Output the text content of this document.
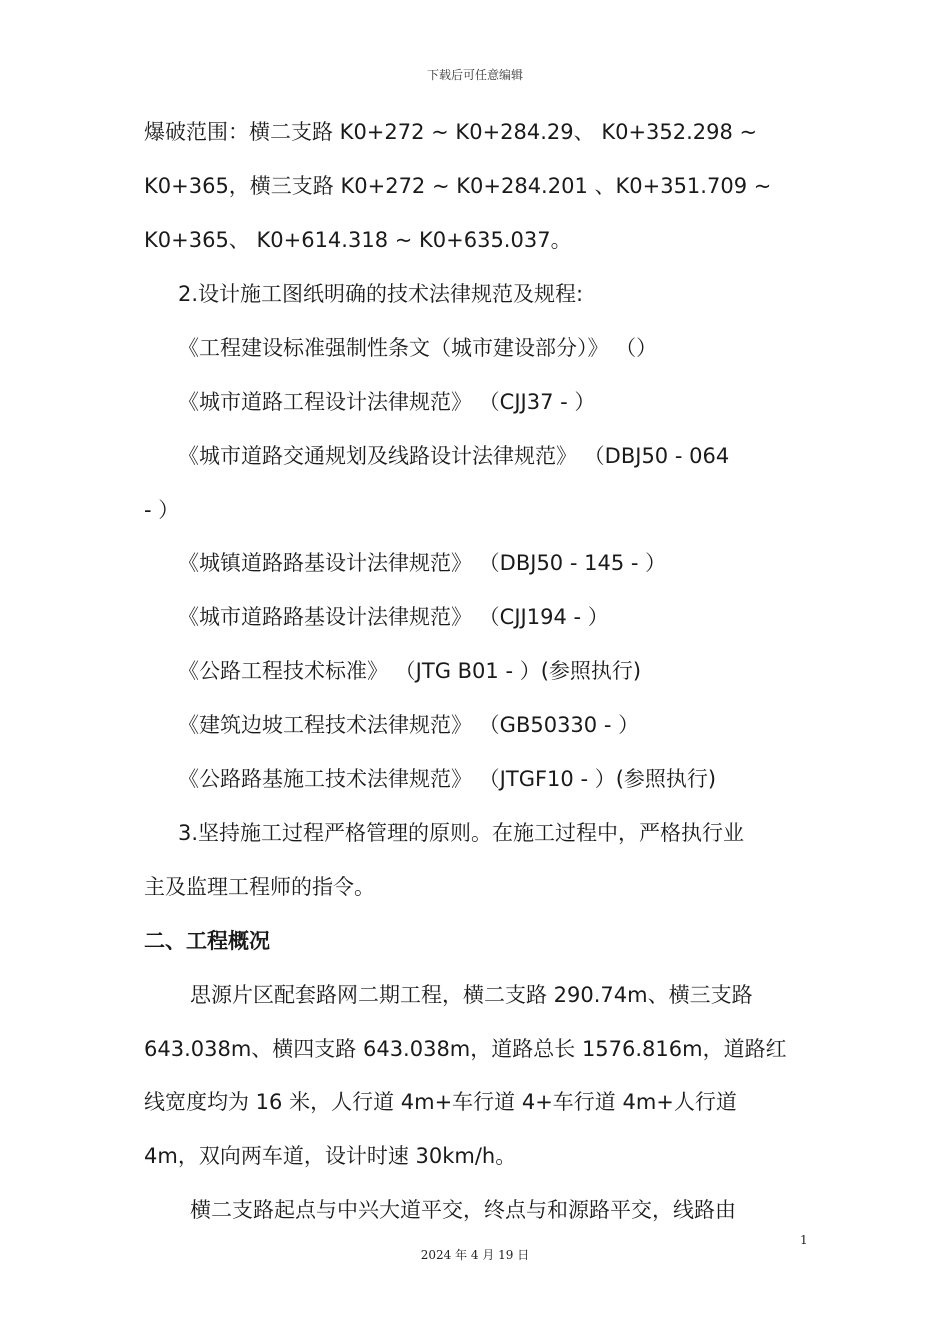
下载后可任意编辑
爆破范围：横二支路 K0+272 ~ K0+284.29、 K0+352.298 ~
K0+365，横三支路 K0+272 ~ K0+284.201 、K0+351.709 ~
K0+365、 K0+614.318 ~ K0+635.037。
2.设计施工图纸明确的技术法律规范及规程:
《工程建设标准强制性条文（城市建设部分）》 （）
《城市道路工程设计法律规范》 （CJJ37 - ）
《城市道路交通规划及线路设计法律规范》 （DBJ50 - 064
- ）
《城镇道路路基设计法律规范》 （DBJ50 - 145 - ）
《城市道路路基设计法律规范》 （CJJ194 - ）
《公路工程技术标准》 （JTG B01 - ）(参照执行)
《建筑边坡工程技术法律规范》 （GB50330 - ）
《公路路基施工技术法律规范》 （JTGF10 - ）(参照执行)
3.坚持施工过程严格管理的原则。在施工过程中，严格执行业
主及监理工程师的指令。
二、工程概况
思源片区配套路网二期工程，横二支路 290.74m、横三支路
643.038m、横四支路 643.038m，道路总长 1576.816m，道路红
线宽度均为 16 米，人行道 4m+车行道 4+车行道 4m+人行道
4m，双向两车道，设计时速 30km/h。
横二支路起点与中兴大道平交，终点与和源路平交，线路由
1
2024 年 4 月 19 日
